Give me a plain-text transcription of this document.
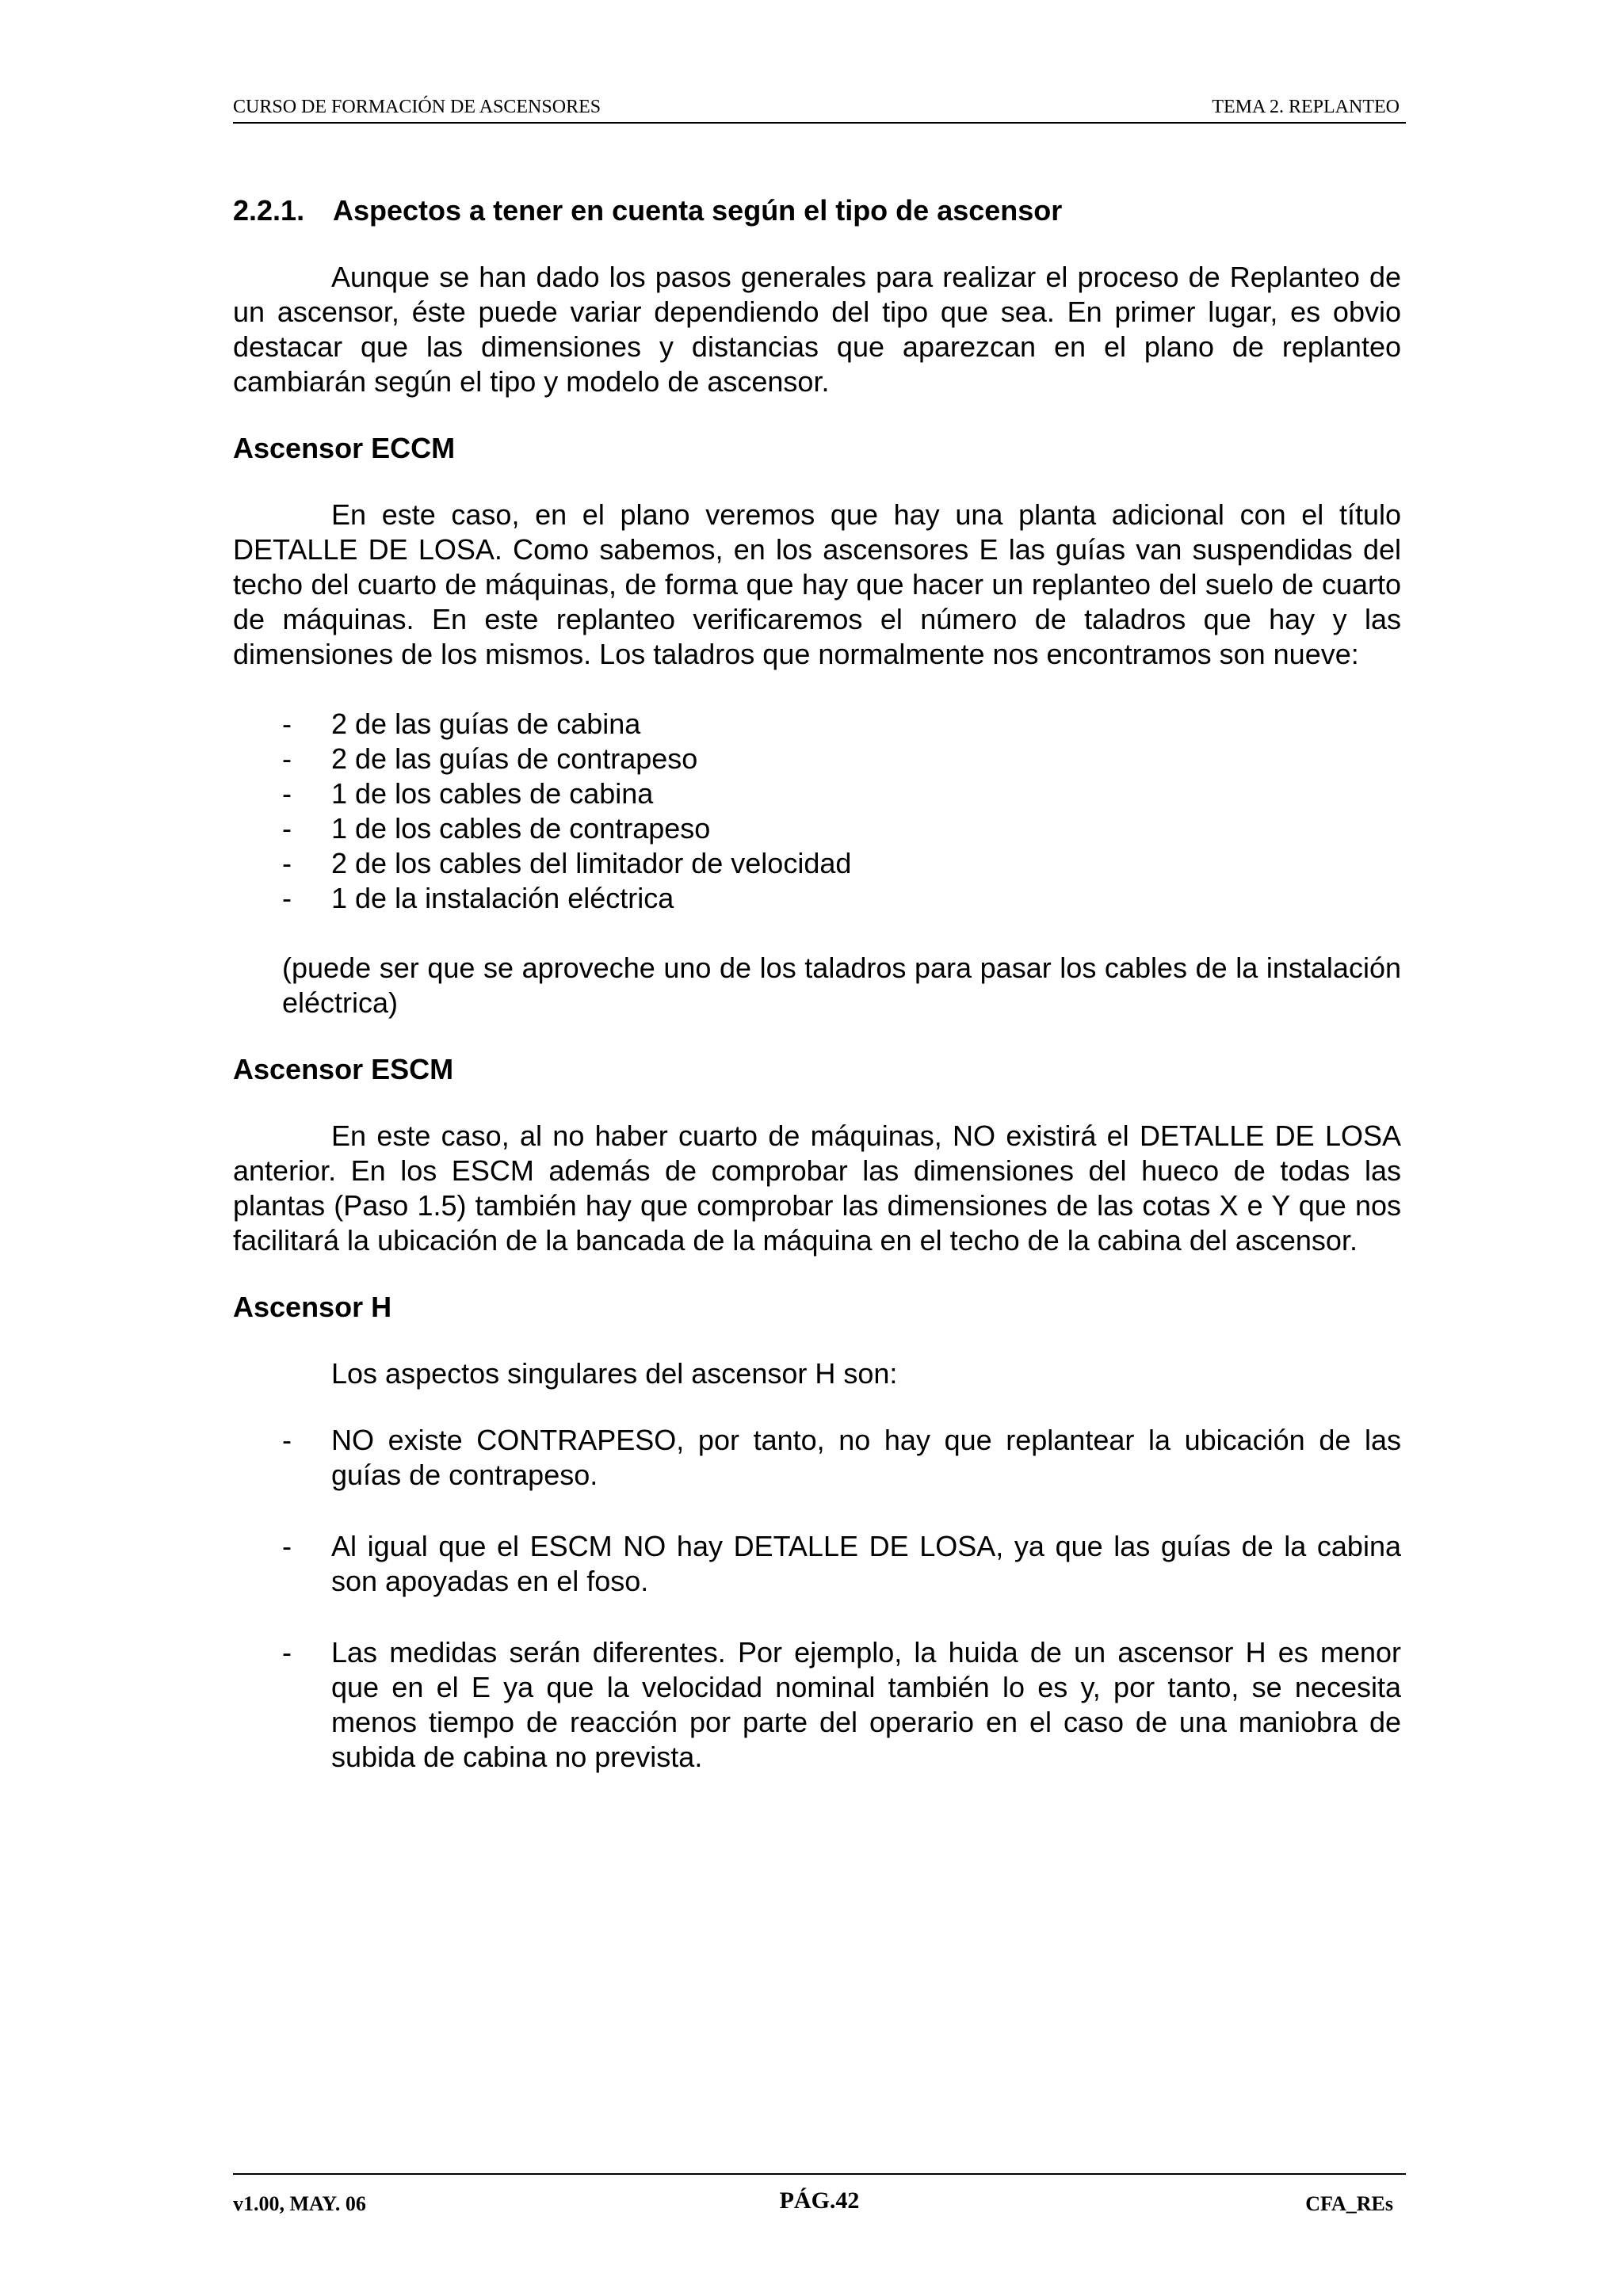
CURSO DE FORMACIÓN DE ASCENSORES	TEMA 2. REPLANTEO
2.2.1. Aspectos a tener en cuenta según el tipo de ascensor

Aunque se han dado los pasos generales para realizar el proceso de Replanteo de un ascensor, éste puede variar dependiendo del tipo que sea. En primer lugar, es obvio destacar que las dimensiones y distancias que aparezcan en el plano de replanteo cambiarán según el tipo y modelo de ascensor.

Ascensor ECCM

En este caso, en el plano veremos que hay una planta adicional con el título DETALLE DE LOSA. Como sabemos, en los ascensores E las guías van suspendidas del techo del cuarto de máquinas, de forma que hay que hacer un replanteo del suelo de cuarto de máquinas. En este replanteo verificaremos el número de taladros que hay y las dimensiones de los mismos. Los taladros que normalmente nos encontramos son nueve:

- 2 de las guías de cabina
- 2 de las guías de contrapeso
- 1 de los cables de cabina
- 1 de los cables de contrapeso
- 2 de los cables del limitador de velocidad
- 1 de la instalación eléctrica

(puede ser que se aproveche uno de los taladros para pasar los cables de la instalación eléctrica)

Ascensor ESCM

En este caso, al no haber cuarto de máquinas, NO existirá el DETALLE DE LOSA anterior. En los ESCM además de comprobar las dimensiones del hueco de todas las plantas (Paso 1.5) también hay que comprobar las dimensiones de las cotas X e Y que nos facilitará la ubicación de la bancada de la máquina en el techo de la cabina del ascensor.

Ascensor H

Los aspectos singulares del ascensor H son:

- NO existe CONTRAPESO, por tanto, no hay que replantear la ubicación de las guías de contrapeso.
- Al igual que el ESCM NO hay DETALLE DE LOSA, ya que las guías de la cabina son apoyadas en el foso.
- Las medidas serán diferentes. Por ejemplo, la huida de un ascensor H es menor que en el E ya que la velocidad nominal también lo es y, por tanto, se necesita menos tiempo de reacción por parte del operario en el caso de una maniobra de subida de cabina no prevista.
v1.00, MAY. 06	PÁG.42	CFA_REs
